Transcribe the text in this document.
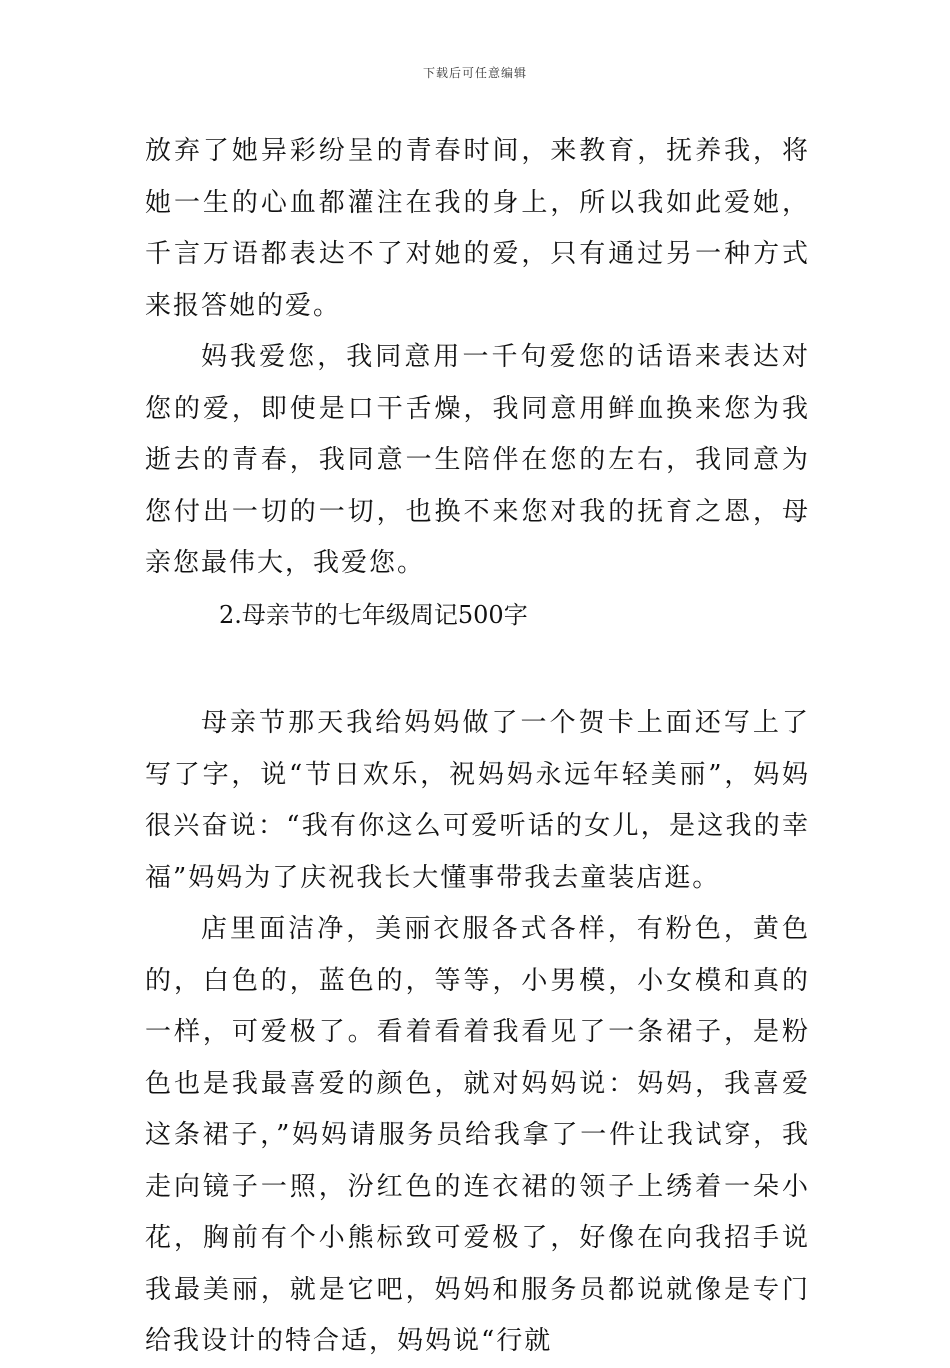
下载后可任意编辑

放弃了她异彩纷呈的青春时间，来教育，抚养我，将她一生的心血都灌注在我的身上，所以我如此爱她，千言万语都表达不了对她的爱，只有通过另一种方式来报答她的爱。

妈我爱您，我同意用一千句爱您的话语来表达对您的爱，即使是口干舌燥，我同意用鲜血换来您为我逝去的青春，我同意一生陪伴在您的左右，我同意为您付出一切的一切，也换不来您对我的抚育之恩，母亲您最伟大，我爱您。

2.母亲节的七年级周记500字

母亲节那天我给妈妈做了一个贺卡上面还写上了写了字，说“节日欢乐，祝妈妈永远年轻美丽”，妈妈很兴奋说：“我有你这么可爱听话的女儿，是这我的幸福”妈妈为了庆祝我长大懂事带我去童装店逛。

店里面洁净，美丽衣服各式各样，有粉色，黄色的，白色的，蓝色的，等等，小男模，小女模和真的一样，可爱极了。看着看着我看见了一条裙子，是粉色也是我最喜爱的颜色，就对妈妈说：妈妈，我喜爱这条裙子，”妈妈请服务员给我拿了一件让我试穿，我走向镜子一照，汾红色的连衣裙的领子上绣着一朵小花，胸前有个小熊标致可爱极了，好像在向我招手说我最美丽，就是它吧，妈妈和服务员都说就像是专门给我设计的特合适，妈妈说“行就
